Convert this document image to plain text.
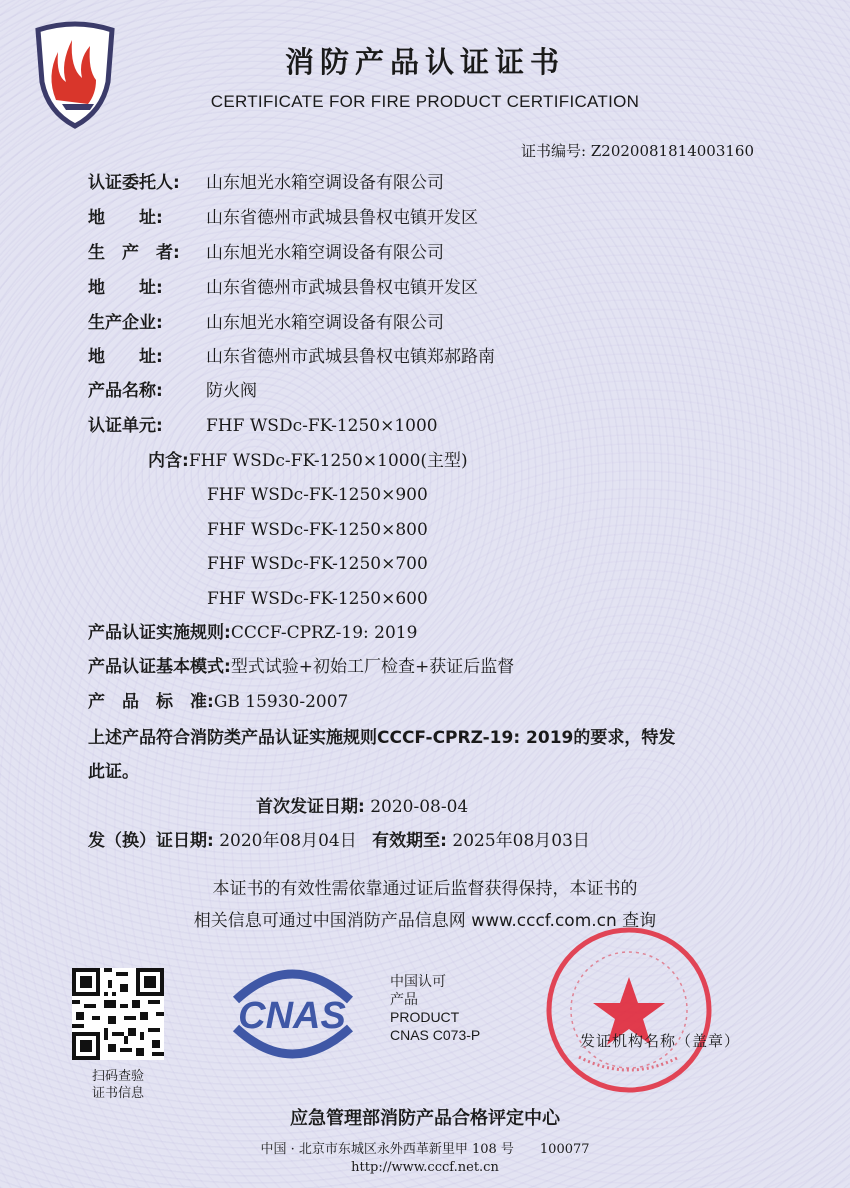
消防产品认证证书
CERTIFICATE FOR FIRE PRODUCT CERTIFICATION
证书编号: Z2020081814003160
认证委托人: 山东旭光水箱空调设备有限公司
地　　址:	山东省德州市武城县鲁权屯镇开发区
生　产　者: 山东旭光水箱空调设备有限公司
地　　址:	山东省德州市武城县鲁权屯镇开发区
生产企业:	山东旭光水箱空调设备有限公司
地　　址:	山东省德州市武城县鲁权屯镇郑郝路南
产品名称:	防火阀
认证单元:	FHF WSDc-FK-1250×1000
内含:FHF WSDc-FK-1250×1000(主型)
FHF WSDc-FK-1250×900
FHF WSDc-FK-1250×800
FHF WSDc-FK-1250×700
FHF WSDc-FK-1250×600
产品认证实施规则:CCCF-CPRZ-19: 2019
产品认证基本模式:型式试验+初始工厂检查+获证后监督
产　品　标　准:GB 15930-2007
上述产品符合消防类产品认证实施规则CCCF-CPRZ-19: 2019的要求，特发
此证。
首次发证日期: 2020-08-04
发（换）证日期: 2020年08月04日 有效期至: 2025年08月03日
本证书的有效性需依靠通过证后监督获得保持，本证书的
相关信息可通过中国消防产品信息网 www.cccf.com.cn 查询
扫码查验
证书信息
CNAS
中国认可
产品
PRODUCT
CNAS C073-P	发证机构名称（盖章）
应急管理部消防产品合格评定中心
中国 · 北京市东城区永外西革新里甲 108 号　　100077
http://www.cccf.net.cn
